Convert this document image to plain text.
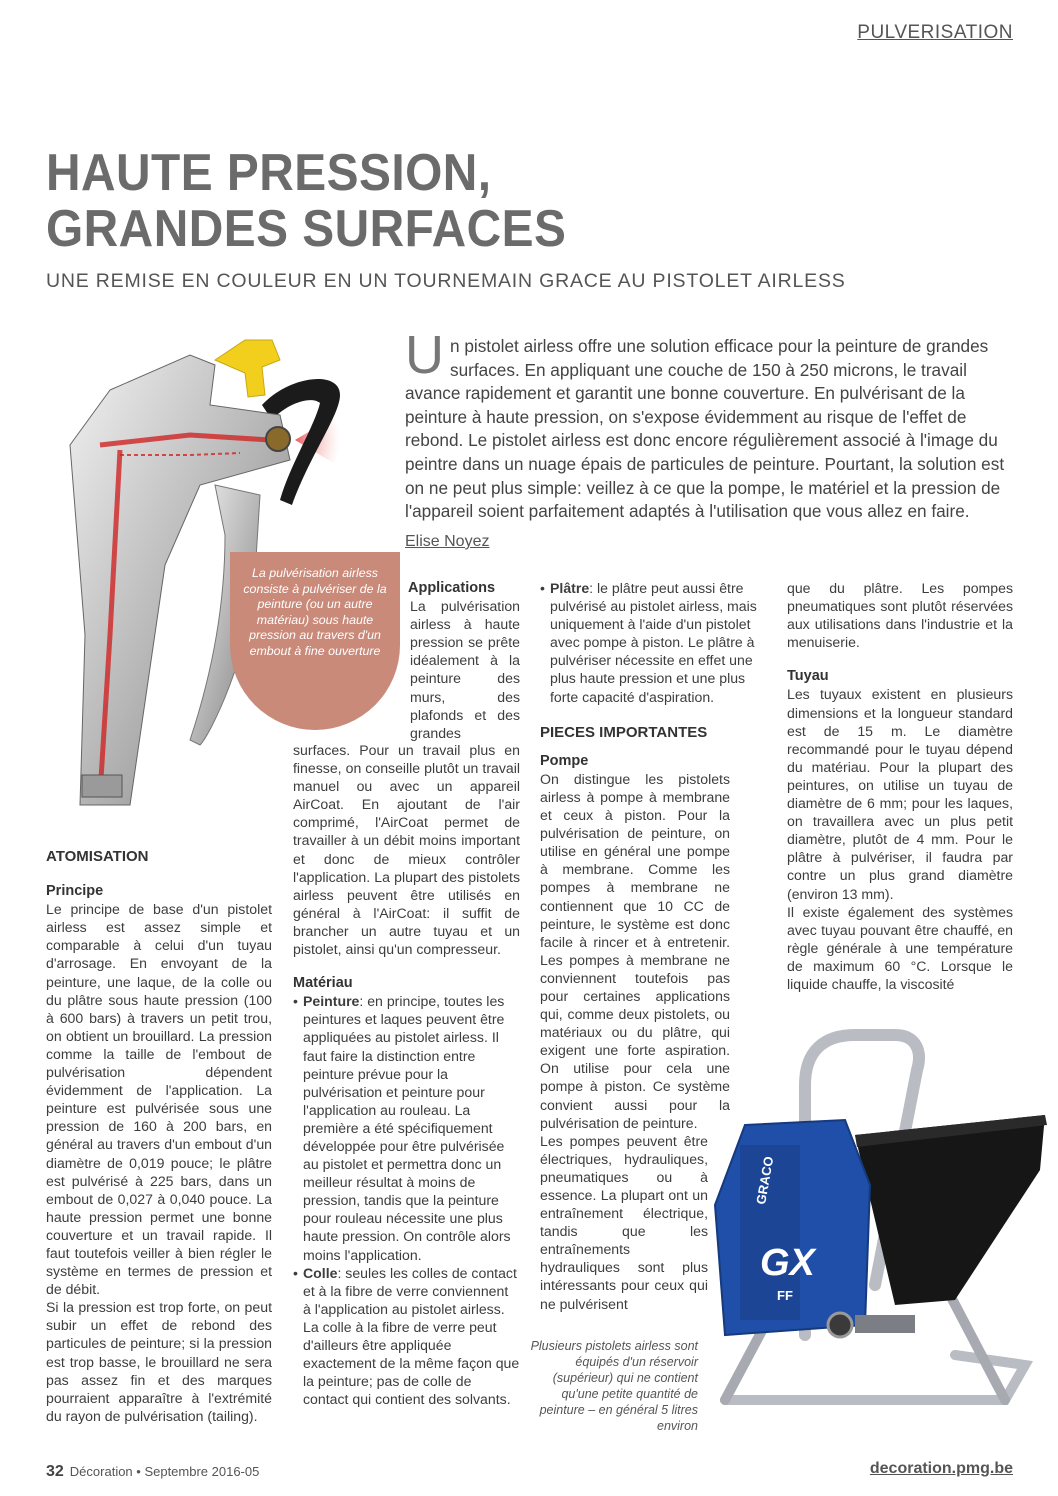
PULVERISATION
HAUTE PRESSION,
GRANDES SURFACES
UNE REMISE EN COULEUR EN UN TOURNEMAIN GRACE AU PISTOLET AIRLESS
La pulvérisation airless consiste à pulvériser de la peinture (ou un autre matériau) sous haute pression au travers d'un embout à fine ouverture
Un pistolet airless offre une solution efficace pour la peinture de grandes surfaces. En appliquant une couche de 150 à 250 microns, le travail avance rapidement et garantit une bonne couverture. En pulvérisant de la peinture à haute pression, on s'expose évidemment au risque de l'effet de rebond. Le pistolet airless est donc encore régulièrement associé à l'image du peintre dans un nuage épais de particules de peinture. Pourtant, la solution est on ne peut plus simple: veillez à ce que la pompe, le matériel et la pression de l'appareil soient parfaitement adaptés à l'utilisation que vous allez en faire.
Elise Noyez

ATOMISATION

Principe

Le principe de base d'un pistolet airless est assez simple et comparable à celui d'un tuyau d'arrosage. En envoyant de la peinture, une laque, de la colle ou du plâtre sous haute pression (100 à 600 bars) à travers un petit trou, on obtient un brouillard. La pression comme la taille de l'embout de pulvérisation dépendent évidemment de l'application. La peinture est pulvérisée sous une pression de 160 à 200 bars, en général au travers d'un embout d'un diamètre de 0,019 pouce; le plâtre est pulvérisé à 225 bars, dans un embout de 0,027 à 0,040 pouce. La haute pression permet une bonne couverture et un travail rapide. Il faut toutefois veiller à bien régler le système en termes de pression et de débit.

Si la pression est trop forte, on peut subir un effet de rebond des particules de peinture; si la pression est trop basse, le brouillard ne sera pas assez fin et des marques pourraient apparaître à l'extrémité du rayon de pulvérisation (tailing).

Applications

La pulvérisation airless à haute pression se prête idéalement à la peinture des murs, des plafonds et des grandes

surfaces. Pour un travail plus en finesse, on conseille plutôt un travail manuel ou avec un appareil AirCoat. En ajoutant de l'air comprimé, l'AirCoat permet de travailler à un débit moins important et donc de mieux contrôler l'application. La plupart des pistolets airless peuvent être utilisés en général à l'AirCoat: il suffit de brancher un autre tuyau et un pistolet, ainsi qu'un compresseur.

Matériau

• Peinture: en principe, toutes les peintures et laques peuvent être appliquées au pistolet airless. Il faut faire la distinction entre peinture prévue pour la pulvérisation et peinture pour l'application au rouleau. La première a été spécifiquement développée pour être pulvérisée au pistolet et permettra donc un meilleur résultat à moins de pression, tandis que la peinture pour rouleau nécessite une plus haute pression. On contrôle alors moins l'application.
• Colle: seules les colles de contact et à la fibre de verre conviennent à l'application au pistolet airless. La colle à la fibre de verre peut d'ailleurs être appliquée exactement de la même façon que la peinture; pas de colle de contact qui contient des solvants.
• Plâtre: le plâtre peut aussi être pulvérisé au pistolet airless, mais uniquement à l'aide d'un pistolet avec pompe à piston. Le plâtre à pulvériser nécessite en effet une plus haute pression et une plus forte capacité d'aspiration.

PIECES IMPORTANTES

Pompe

On distingue les pistolets airless à pompe à membrane et ceux à piston. Pour la pulvérisation de peinture, on utilise en général une pompe à membrane. Comme les pompes à membrane ne contiennent que 10 CC de peinture, le système est donc facile à rincer et à entretenir. Les pompes à membrane ne conviennent toutefois pas pour certaines applications qui, comme deux pistolets, ou matériaux ou du plâtre, qui exigent une forte aspiration. On utilise pour cela une pompe à piston. Ce système convient aussi pour la pulvérisation de peinture.

Les pompes peuvent être électriques, hydrauliques, pneumatiques ou à essence. La plupart ont un entraînement électrique, tandis que les entraînements hydrauliques sont plus intéressants pour ceux qui ne pulvérisent

que du plâtre. Les pompes pneumatiques sont plutôt réservées aux utilisations dans l'industrie et la menuiserie.

Tuyau

Les tuyaux existent en plusieurs dimensions et la longueur standard est de 15 m. Le diamètre recommandé pour le tuyau dépend du matériau. Pour la plupart des peintures, on utilise un tuyau de diamètre de 6 mm; pour les laques, on travaillera avec un plus petit diamètre, plutôt de 4 mm. Pour le plâtre à pulvériser, il faudra par contre un plus grand diamètre (environ 13 mm).

Il existe également des systèmes avec tuyau pouvant être chauffé, en règle générale à une température de maximum 60 °C. Lorsque le liquide chauffe, la viscosité

GRACO
GX
FF
Plusieurs pistolets airless sont équipés d'un réservoir (supérieur) qui ne contient qu'une petite quantité de peinture – en général 5 litres environ
32 Décoration • Septembre 2016-05	decoration.pmg.be
